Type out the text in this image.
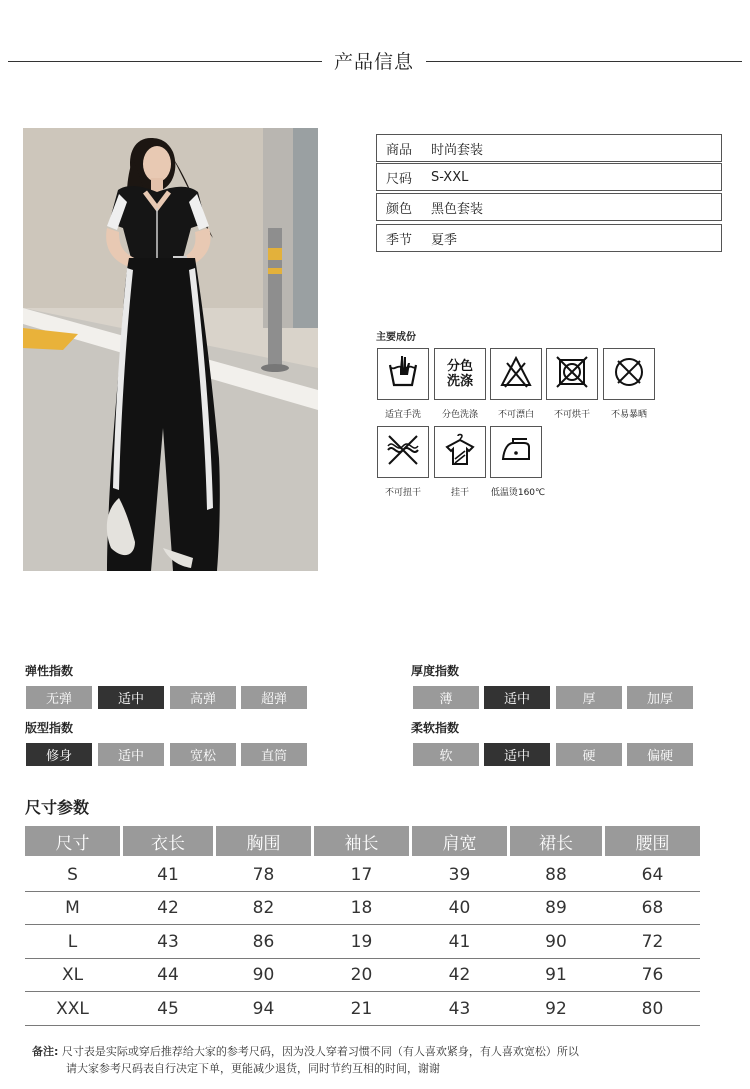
产品信息
商品	时尚套装
尺码	S-XXL
颜色	黑色套装
季节	夏季
主要成份
适宜手洗
分色
洗涤
分色洗涤	不可漂白	不可烘干	不易暴晒
不可扭干	挂干	低温烫160℃
弹性指数
无弹	适中	高弹	超弹
厚度指数
薄	适中	厚	加厚
版型指数
修身	适中	宽松	直筒
柔软指数
软	适中	硬	偏硬
尺寸参数
尺寸	衣长	胸围	袖长	肩宽	裙长	腰围
S	41	78	17	39	88	64
M	42	82	18	40	89	68
L	43	86	19	41	90	72
XL	44	90	20	42	91	76
XXL	45	94	21	43	92	80
备注: 尺寸表是实际或穿后推荐给大家的参考尺码，因为没人穿着习惯不同（有人喜欢紧身，有人喜欢宽松）所以
请大家参考尺码表自行决定下单，更能减少退货，同时节约互相的时间，谢谢
